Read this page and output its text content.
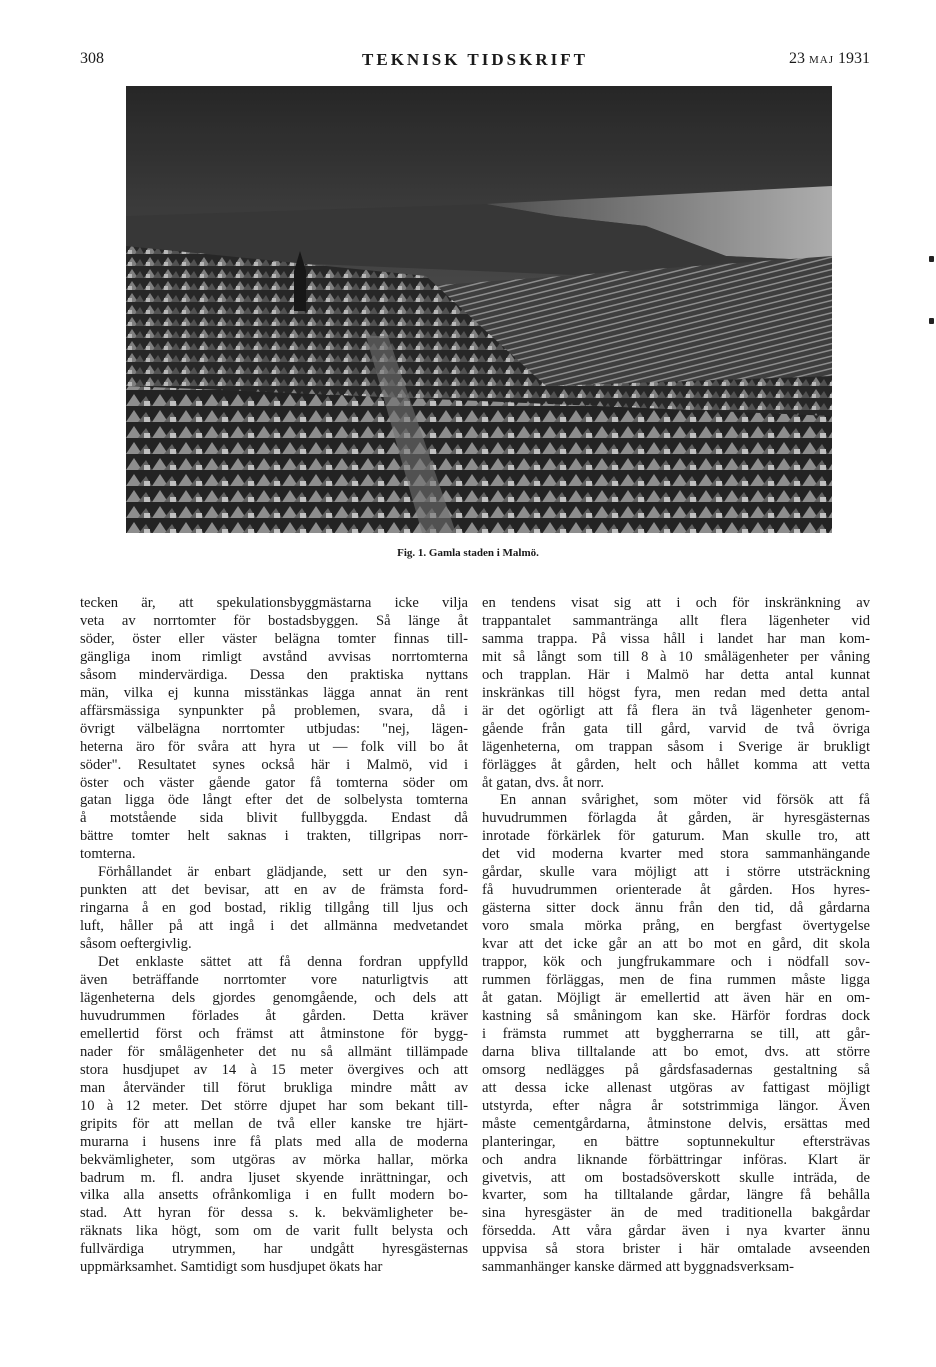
308	TEKNISK TIDSKRIFT	23 MAJ 1931
Fig. 1. Gamla staden i Malmö.

tecken är, att spekulationsbyggmästarna icke vilja
veta av norrtomter för bostadsbyggen. Så länge åt
söder, öster eller väster belägna tomter finnas till-
gängliga inom rimligt avstånd avvisas norrtomterna
såsom mindervärdiga. Dessa den praktiska nyttans
män, vilka ej kunna misstänkas lägga annat än rent
affärsmässiga synpunkter på problemen, svara, då i
övrigt välbelägna norrtomter utbjudas: "nej, lägen-
heterna äro för svåra att hyra ut — folk vill bo åt
söder". Resultatet synes också här i Malmö, vid i
öster och väster gående gator få tomterna söder om
gatan ligga öde långt efter det de solbelysta tomterna
å motstående sida blivit fullbyggda. Endast då
bättre tomter helt saknas i trakten, tillgripas norr-
tomterna.

Förhållandet är enbart glädjande, sett ur den syn-
punkten att det bevisar, att en av de främsta ford-
ringarna å en god bostad, riklig tillgång till ljus och
luft, håller på att ingå i det allmänna medvetandet
såsom oeftergivlig.

Det enklaste sättet att få denna fordran uppfylld
även beträffande norrtomter vore naturligtvis att
lägenheterna dels gjordes genomgående, och dels att
huvudrummen förlades åt gården. Detta kräver
emellertid först och främst att åtminstone för bygg-
nader för smålägenheter det nu så allmänt tillämpade
stora husdjupet av 14 à 15 meter övergives och att
man återvänder till förut brukliga mindre mått av
10 à 12 meter. Det större djupet har som bekant till-
gripits för att mellan de två eller kanske tre hjärt-
murarna i husens inre få plats med alla de moderna
bekvämligheter, som utgöras av mörka hallar, mörka
badrum m. fl. andra ljuset skyende inrättningar, och
vilka alla ansetts ofrånkomliga i en fullt modern bo-
stad. Att hyran för dessa s. k. bekvämligheter be-
räknats lika högt, som om de varit fullt belysta och
fullvärdiga utrymmen, har undgått hyresgästernas
uppmärksamhet. Samtidigt som husdjupet ökats har

en tendens visat sig att i och för inskränkning av
trappantalet sammantränga allt flera lägenheter vid
samma trappa. På vissa håll i landet har man kom-
mit så långt som till 8 à 10 smålägenheter per våning
och trapplan. Här i Malmö har detta antal kunnat
inskränkas till högst fyra, men redan med detta antal
är det ogörligt att få flera än två lägenheter genom-
gående från gata till gård, varvid de två övriga
lägenheterna, om trappan såsom i Sverige är brukligt
förlägges åt gården, helt och hållet komma att vetta
åt gatan, dvs. åt norr.

En annan svårighet, som möter vid försök att få
huvudrummen förlagda åt gården, är hyresgästernas
inrotade förkärlek för gaturum. Man skulle tro, att
det vid moderna kvarter med stora sammanhängande
gårdar, skulle vara möjligt att i större utsträckning
få huvudrummen orienterade åt gården. Hos hyres-
gästerna sitter dock ännu från den tid, då gårdarna
voro smala mörka prång, en bergfast övertygelse
kvar att det icke går an att bo mot en gård, dit skola
trappor, kök och jungfrukammare och i nödfall sov-
rummen förläggas, men de fina rummen måste ligga
åt gatan. Möjligt är emellertid att även här en om-
kastning så småningom kan ske. Härför fordras dock
i främsta rummet att byggherrarna se till, att går-
darna bliva tilltalande att bo emot, dvs. att större
omsorg nedlägges på gårdsfasadernas gestaltning så
att dessa icke allenast utgöras av fattigast möjligt
utstyrda, efter några år sotstrimmiga längor. Även
måste cementgårdarna, åtminstone delvis, ersättas med
planteringar, en bättre soptunnekultur eftersträvas
och andra liknande förbättringar införas. Klart är
givetvis, att om bostadsöverskott skulle inträda, de
kvarter, som ha tilltalande gårdar, längre få behålla
sina hyresgäster än de med traditionella bakgårdar
försedda. Att våra gårdar även i nya kvarter ännu
uppvisa så stora brister i här omtalade avseenden
sammanhänger kanske därmed att byggnadsverksam-
